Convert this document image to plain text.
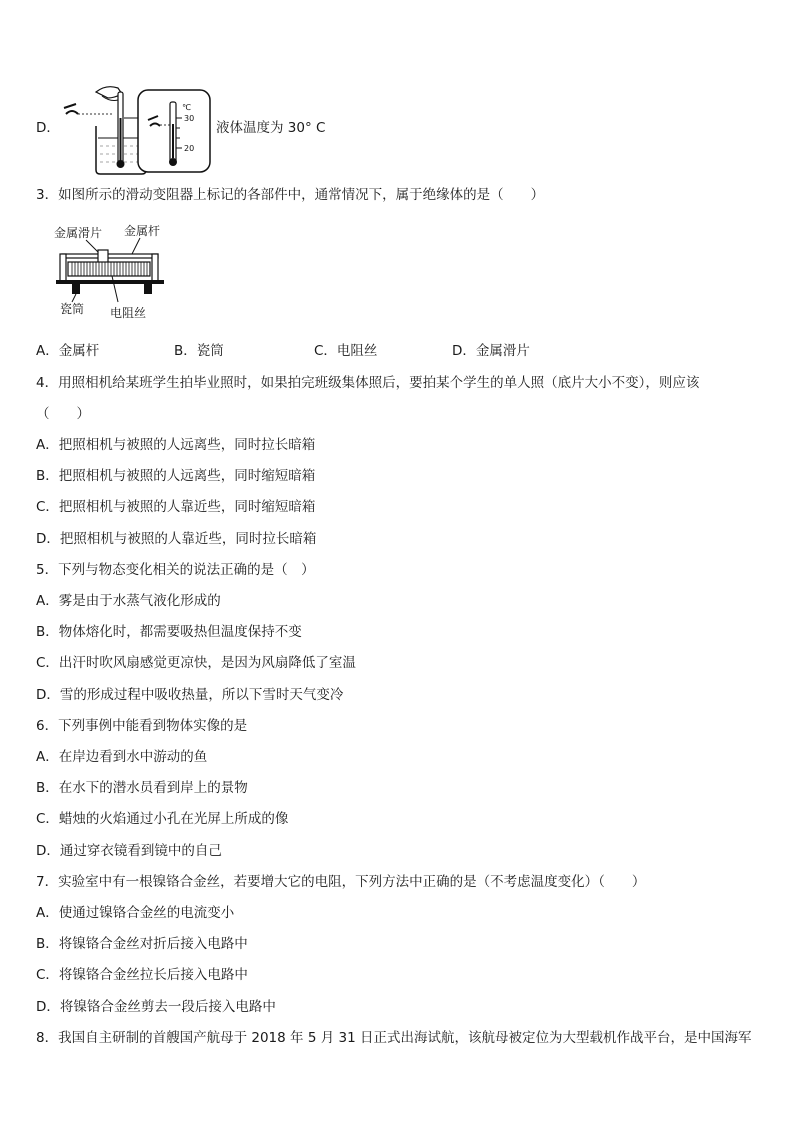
D．
℃
30
20
液体温度为 30° C
3．如图所示的滑动变阻器上标记的各部件中，通常情况下，属于绝缘体的是（　　）
金属滑片 金属杆
瓷筒 电阻丝
A．金属杆	B．瓷筒	C．电阻丝	D．金属滑片
4．用照相机给某班学生拍毕业照时，如果拍完班级集体照后，要拍某个学生的单人照（底片大小不变），则应该
（　　）
A．把照相机与被照的人远离些，同时拉长暗箱
B．把照相机与被照的人远离些，同时缩短暗箱
C．把照相机与被照的人靠近些，同时缩短暗箱
D．把照相机与被照的人靠近些，同时拉长暗箱
5．下列与物态变化相关的说法正确的是（　）
A．雾是由于水蒸气液化形成的
B．物体熔化时，都需要吸热但温度保持不变
C．出汗时吹风扇感觉更凉快，是因为风扇降低了室温
D．雪的形成过程中吸收热量，所以下雪时天气变冷
6．下列事例中能看到物体实像的是
A．在岸边看到水中游动的鱼
B．在水下的潜水员看到岸上的景物
C．蜡烛的火焰通过小孔在光屏上所成的像
D．通过穿衣镜看到镜中的自己
7．实验室中有一根镍铬合金丝，若要增大它的电阻，下列方法中正确的是（不考虑温度变化）（　　）
A．使通过镍铬合金丝的电流变小
B．将镍铬合金丝对折后接入电路中
C．将镍铬合金丝拉长后接入电路中
D．将镍铬合金丝剪去一段后接入电路中
8．我国自主研制的首艘国产航母于 2018 年 5 月 31 日正式出海试航，该航母被定位为大型载机作战平台，是中国海军
